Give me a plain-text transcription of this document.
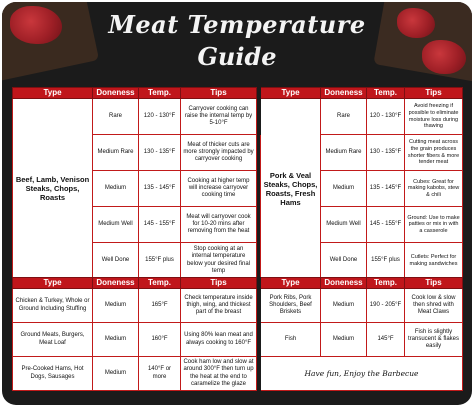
Meat Temperature
Guide
Type	Doneness	Temp.	Tips		Type	Doneness	Temp.	Tips
Beef, Lamb, Venison Steaks, Chops, Roasts	Rare	120 - 130°F	Carryover cooking can raise the internal temp by 5-10°F		Pork & Veal Steaks, Chops, Roasts, Fresh Hams	Rare	120 - 130°F	Avoid freezing if possible to eliminate moisture loss during thawing
	Medium Rare	130 - 135°F	Meat of thicker cuts are more strongly impacted by carryover cooking			Medium Rare	130 - 135°F	Cutting meat across the grain produces shorter fibers & more tender meat
	Medium	135 - 145°F	Cooking at higher temp will increase carryover cooking time			Medium	135 - 145°F	Cubes: Great for making kabobs, stew & chili
	Medium Well	145 - 155°F	Meat will carryover cook for 10-20 mins after removing from the heat			Medium Well	145 - 155°F	Ground: Use to make patties or mix in with a casserole
	Well Done	155°F plus	Stop cooking at an internal temperature below your desired final temp			Well Done	155°F plus	Cutlets: Perfect for making sandwiches
Type	Doneness	Temp.	Tips		Type	Doneness	Temp.	Tips
Chicken & Turkey, Whole or Ground Including Stuffing	Medium	165°F	Check temperature inside thigh, wing, and thickest part of the breast		Pork Ribs, Pork Shoulders, Beef Briskets	Medium	190 - 205°F	Cook low & slow then shred with Meat Claws
Ground Meats, Burgers, Meat Loaf	Medium	160°F	Using 80% lean meat and always cooking to 160°F		Fish	Medium	145°F	Fish is slightly transucent & flakes easily
Pre-Cooked Hams, Hot Dogs, Sausages	Medium	140°F or more	Cook ham low and slow at around 300°F then turn up the heat at the end to caramelize the glaze		Have fun, Enjoy the Barbecue			
